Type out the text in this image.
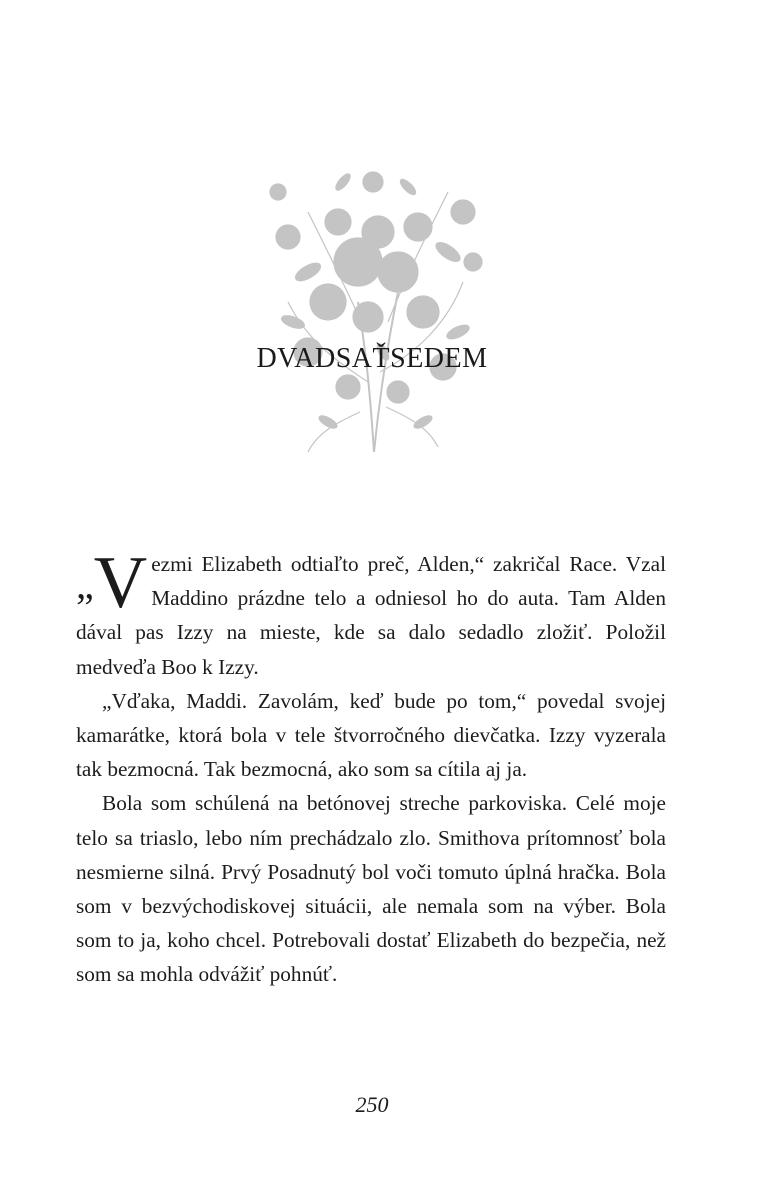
DVADSAŤSEDEM

„ V ezmi Elizabeth odtiaľto preč, Alden,“ zakričal Race. Vzal Maddino prázdne telo a odniesol ho do auta. Tam Alden dával pas Izzy na mieste, kde sa dalo sedadlo zložiť. Položil medveďa Boo k Izzy.

„Vďaka, Maddi. Zavolám, keď bude po tom,“ povedal svojej kamarátke, ktorá bola v tele štvorročného dievčatka. Izzy vyzerala tak bezmocná. Tak bezmocná, ako som sa cítila aj ja.

Bola som schúlená na betónovej streche parkoviska. Celé moje telo sa triaslo, lebo ním prechádzalo zlo. Smithova prítomnosť bola nesmierne silná. Prvý Posadnutý bol voči tomuto úplná hračka. Bola som v bezvýchodiskovej situácii, ale nemala som na výber. Bola som to ja, koho chcel. Potrebovali dostať Elizabeth do bezpečia, než som sa mohla odvážiť pohnúť.

250
